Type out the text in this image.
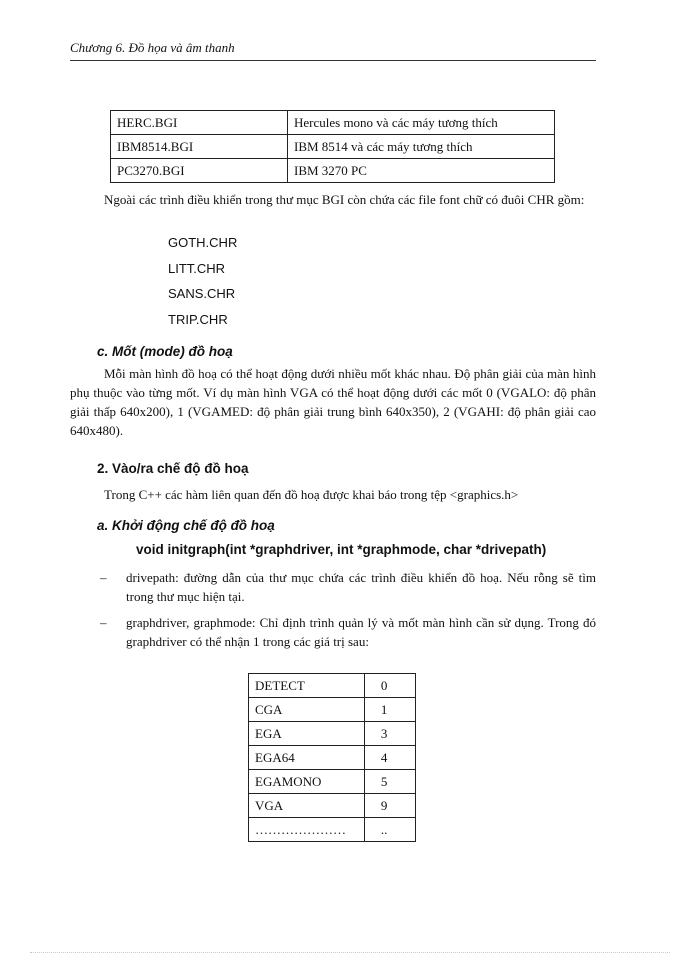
Chương 6. Đồ họa và âm thanh
HERC.BGI	Hercules mono và các máy tương thích
IBM8514.BGI	IBM 8514 và các máy tương thích
PC3270.BGI	IBM 3270 PC

Ngoài các trình điều khiển trong thư mục BGI còn chứa các file font chữ có đuôi CHR gồm:

GOTH.CHR
LITT.CHR
SANS.CHR
TRIP.CHR
c. Mốt (mode) đồ hoạ

Mỗi màn hình đồ hoạ có thể hoạt động dưới nhiều mốt khác nhau. Độ phân giải của màn hình phụ thuộc vào từng mốt. Ví dụ màn hình VGA có thể hoạt động dưới các mốt 0 (VGALO: độ phân giải thấp 640x200), 1 (VGAMED: độ phân giải trung bình 640x350), 2 (VGAHI: độ phân giải cao 640x480).

2. Vào/ra chế độ đồ hoạ
Trong C++ các hàm liên quan đến đồ hoạ được khai báo trong tệp <graphics.h>
a. Khởi động chế độ đồ hoạ
void initgraph(int *graphdriver, int *graphmode, char *drivepath)
– drivepath: đường dẫn của thư mục chứa các trình điều khiển đồ hoạ. Nếu rỗng sẽ tìm trong thư mục hiện tại.
– graphdriver, graphmode: Chỉ định trình quản lý và mốt màn hình cần sử dụng. Trong đó graphdriver có thể nhận 1 trong các giá trị sau:
DETECT	0
CGA	1
EGA	3
EGA64	4
EGAMONO	5
VGA	9
…………………	..
